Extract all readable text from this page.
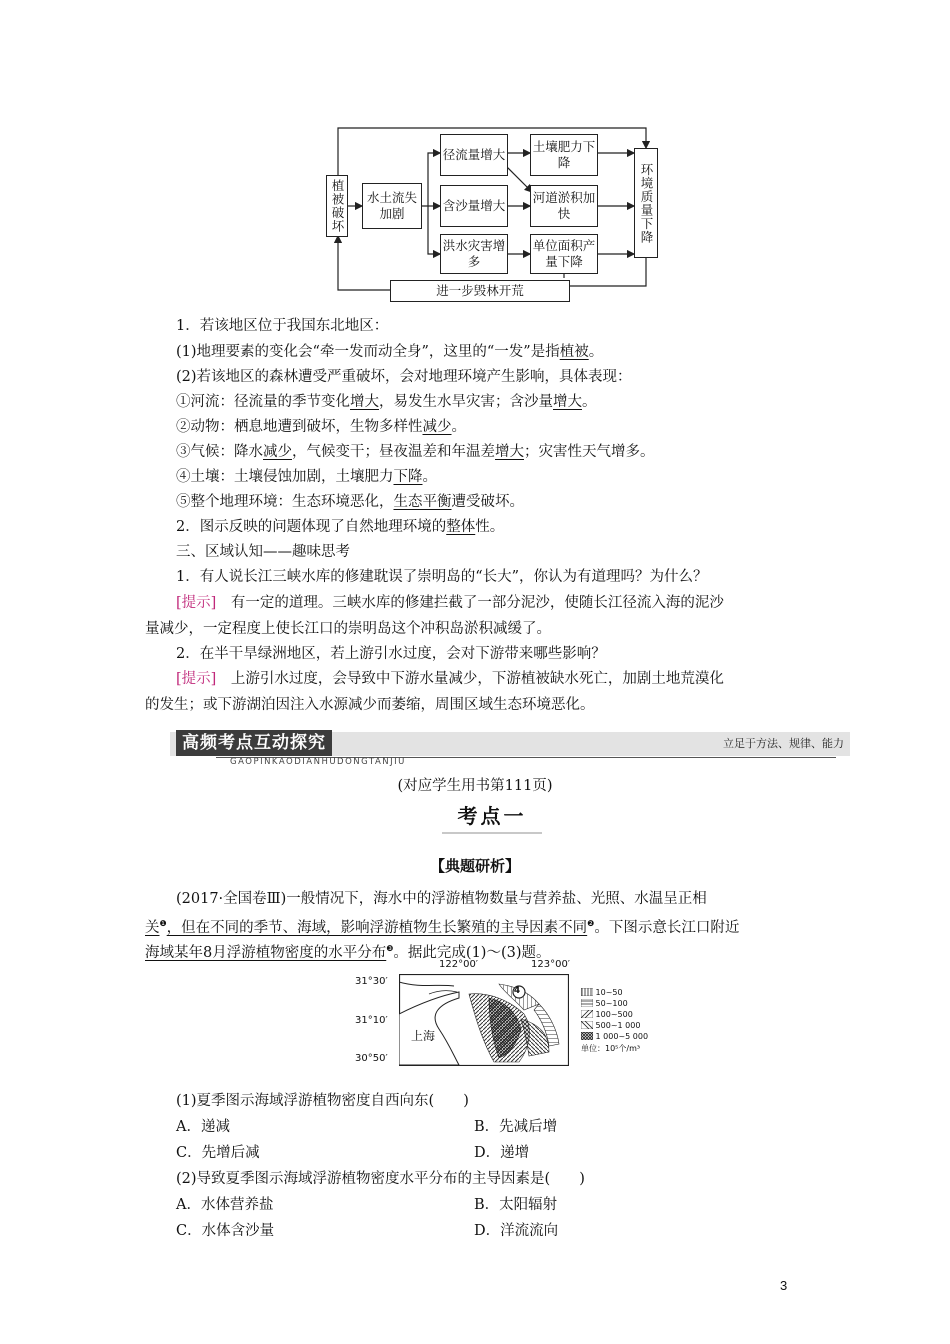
植被破坏	水土流失加剧
径流量增大
含沙量增大
洪水灾害增多
土壤肥力下降
河道淤积加快
单位面积产量下降
环境质量下降
进一步毁林开荒
1．若该地区位于我国东北地区：
(1)地理要素的变化会“牵一发而动全身”，这里的“一发”是指植被。
(2)若该地区的森林遭受严重破坏，会对地理环境产生影响，具体表现：
①河流：径流量的季节变化增大，易发生水旱灾害；含沙量增大。
②动物：栖息地遭到破坏，生物多样性减少。
③气候：降水减少，气候变干；昼夜温差和年温差增大；灾害性天气增多。
④土壤：土壤侵蚀加剧，土壤肥力下降。
⑤整个地理环境：生态环境恶化，生态平衡遭受破坏。
2．图示反映的问题体现了自然地理环境的整体性。
三、区域认知——趣味思考
1．有人说长江三峡水库的修建耽误了崇明岛的“长大”，你认为有道理吗？为什么？
[提示]　 有一定的道理。三峡水库的修建拦截了一部分泥沙，使随长江径流入海的泥沙
量减少，一定程度上使长江口的崇明岛这个冲积岛淤积减缓了。
2．在半干旱绿洲地区，若上游引水过度，会对下游带来哪些影响？
[提示]　 上游引水过度，会导致中下游水量减少，下游植被缺水死亡，加剧土地荒漠化
的发生；或下游湖泊因注入水源减少而萎缩，周围区域生态环境恶化。
高频考点互动探究
GAOPINKAODIANHUDONGTANJIU
立足于方法、规律、能力
(对应学生用书第111页)
考点一
【典题研析】
(2017·全国卷Ⅲ)一般情况下，海水中的浮游植物数量与营养盐、光照、水温呈正相
关$^❶$，但在不同的季节、海域，影响浮游植物生长繁殖的主导因素不同$^❷$。下图示意长江口附近
海域某年8月浮游植物密度的水平分布$^❸$。据此完成(1)～(3)题。
122°00′	123°00′
31°30′
31°10′
30°50′
4
上海
10~50
50~100
100~500
500~1 000
1 000~5 000
单位：10⁵个/m³
(1)夏季图示海域浮游植物密度自西向东(　　)
A．递减	B．先减后增
C．先增后减	D．递增
(2)导致夏季图示海域浮游植物密度水平分布的主导因素是(　　)
A．水体营养盐	B．太阳辐射
C．水体含沙量	D．洋流流向
3
